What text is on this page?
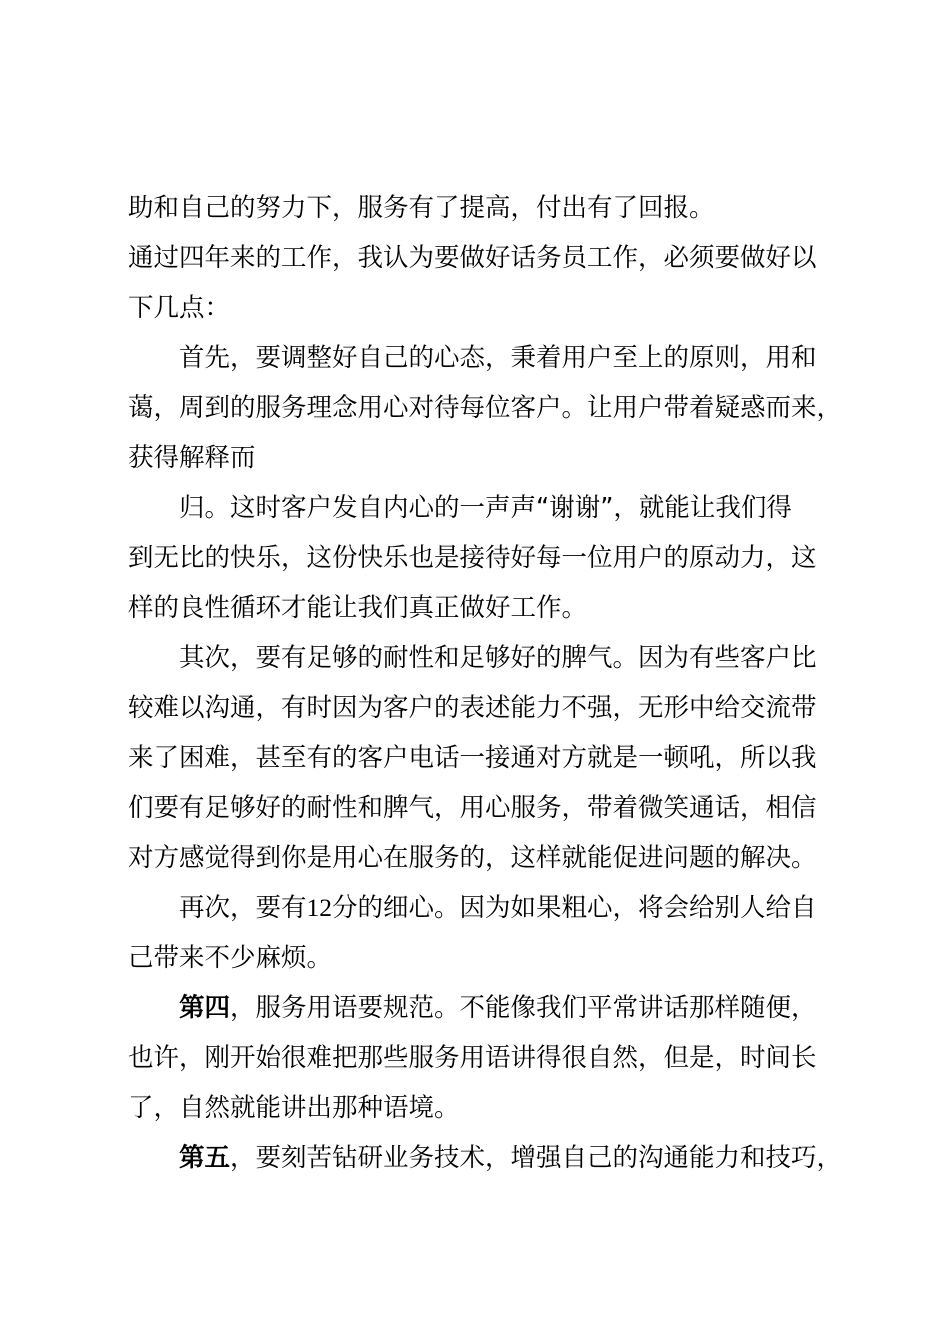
助和自己的努力下，服务有了提高，付出有了回报。
通过四年来的工作，我认为要做好话务员工作，必须要做好以
下几点：
首先，要调整好自己的心态，秉着用户至上的原则，用和
蔼，周到的服务理念用心对待每位客户。让用户带着疑惑而来，
获得解释而
归。这时客户发自内心的一声声“谢谢”，就能让我们得
到无比的快乐，这份快乐也是接待好每一位用户的原动力，这
样的良性循环才能让我们真正做好工作。
其次，要有足够的耐性和足够好的脾气。因为有些客户比
较难以沟通，有时因为客户的表述能力不强，无形中给交流带
来了困难，甚至有的客户电话一接通对方就是一顿吼，所以我
们要有足够好的耐性和脾气，用心服务，带着微笑通话，相信
对方感觉得到你是用心在服务的，这样就能促进问题的解决。
再次，要有12分的细心。因为如果粗心，将会给别人给自
己带来不少麻烦。
第四，服务用语要规范。不能像我们平常讲话那样随便，
也许，刚开始很难把那些服务用语讲得很自然，但是，时间长
了，自然就能讲出那种语境。
第五，要刻苦钻研业务技术，增强自己的沟通能力和技巧，
